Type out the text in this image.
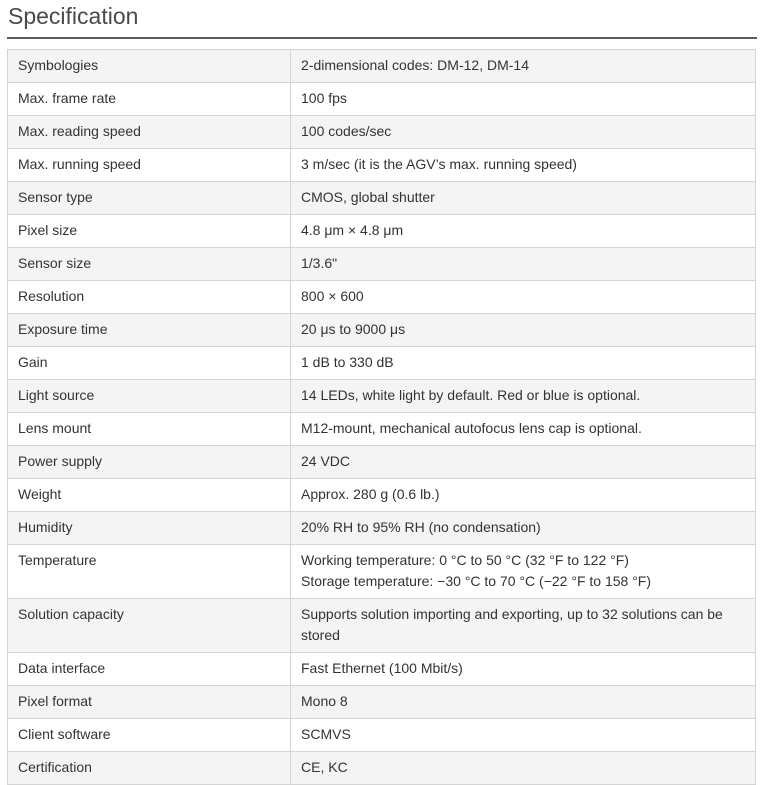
Specification
Symbologies	2-dimensional codes: DM-12, DM-14

Max. frame rate	100 fps

Max. reading speed	100 codes/sec

Max. running speed	3 m/sec (it is the AGV’s max. running speed)

Sensor type	CMOS, global shutter

Pixel size	4.8 μm × 4.8 μm

Sensor size	1/3.6"

Resolution	800 × 600

Exposure time	20 μs to 9000 μs

Gain	1 dB to 330 dB

Light source	14 LEDs, white light by default. Red or blue is optional.

Lens mount	M12-mount, mechanical autofocus lens cap is optional.

Power supply	24 VDC

Weight	Approx. 280 g (0.6 lb.)

Humidity	20% RH to 95% RH (no condensation)

Temperature	Working temperature: 0 °C to 50 °C (32 °F to 122 °F)
Storage temperature: −30 °C to 70 °C (−22 °F to 158 °F)

Solution capacity	Supports solution importing and exporting, up to 32 solutions can be stored

Data interface	Fast Ethernet (100 Mbit/s)

Pixel format	Mono 8

Client software	SCMVS

Certification	CE, KC
